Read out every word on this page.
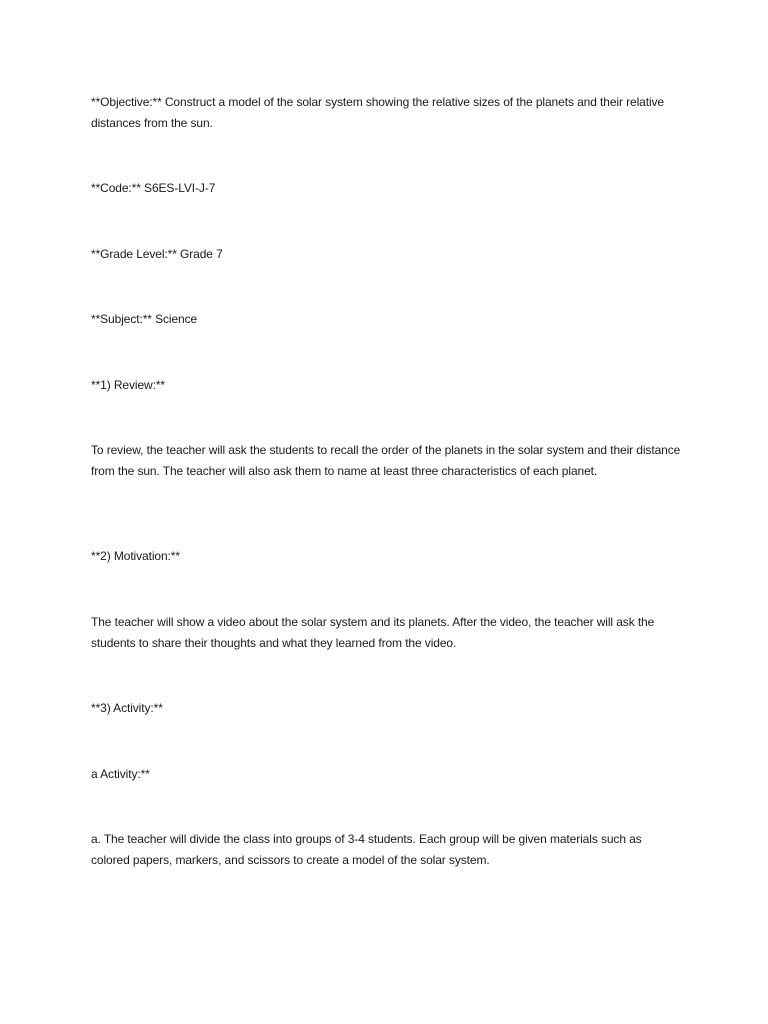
**Objective:** Construct a model of the solar system showing the relative sizes of the planets and their relative distances from the sun.

**Code:** S6ES-LVI-J-7

**Grade Level:** Grade 7

**Subject:** Science

**1) Review:**

To review, the teacher will ask the students to recall the order of the planets in the solar system and their distance from the sun. The teacher will also ask them to name at least three characteristics of each planet.

**2) Motivation:**

The teacher will show a video about the solar system and its planets. After the video, the teacher will ask the students to share their thoughts and what they learned from the video.

**3) Activity:**

a Activity:**

a. The teacher will divide the class into groups of 3-4 students. Each group will be given materials such as colored papers, markers, and scissors to create a model of the solar system.
